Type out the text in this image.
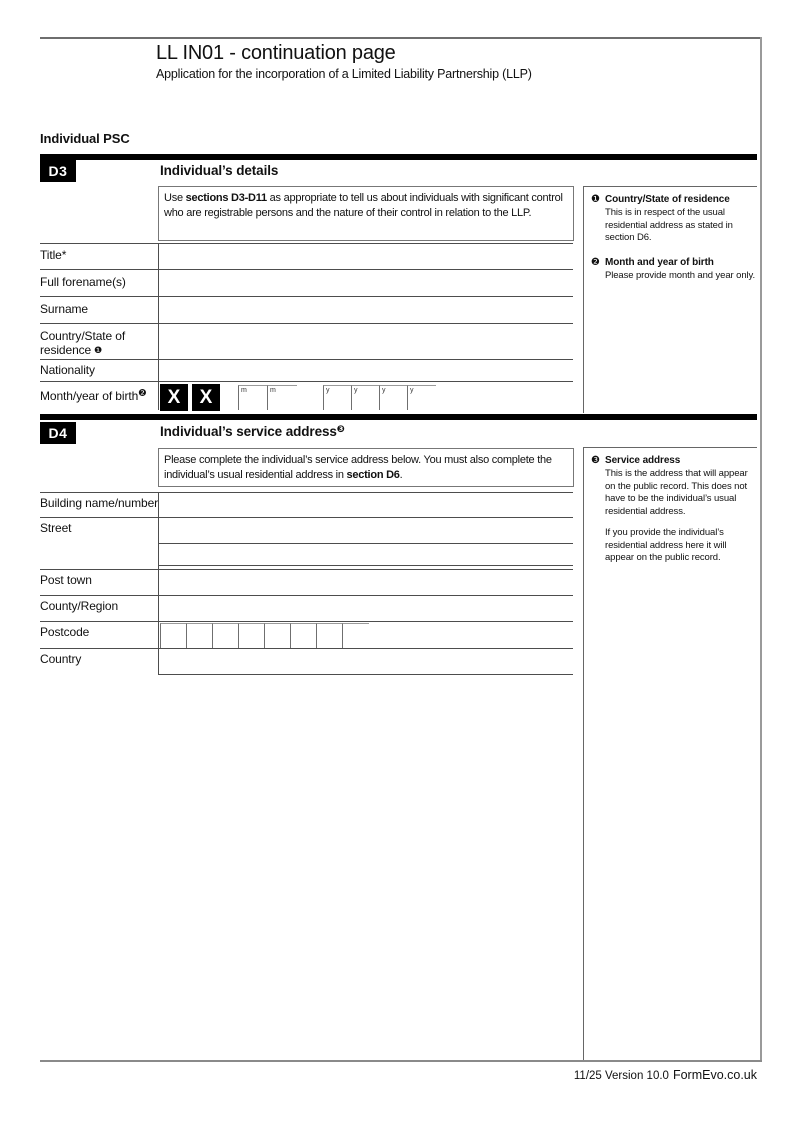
LL IN01 - continuation page
Application for the incorporation of a Limited Liability Partnership (LLP)
Individual PSC
D3	Individual’s details
Use sections D3-D11 as appropriate to tell us about individuals with significant control who are registrable persons and the nature of their control in relation to the LLP.
Title*
Full forename(s)
Surname
Country/State of
residence ❶
Nationality
Month/year of birth$^❷$	X	X	m	m	y	y	y	y
❶ Country/State of residence
This is in respect of the usual residential address as stated in section D6.
❷ Month and year of birth
Please provide month and year only.
D4	Individual’s service address$^❸$
Please complete the individual’s service address below. You must also complete the individual’s usual residential address in section D6.
Building name/number
Street
Post town
County/Region
Postcode
Country
❸ Service address
This is the address that will appear on the public record. This does not have to be the individual’s usual residential address.
If you provide the individual’s residential address here it will appear on the public record.
11/25 Version 10.0 FormEvo.co.uk
